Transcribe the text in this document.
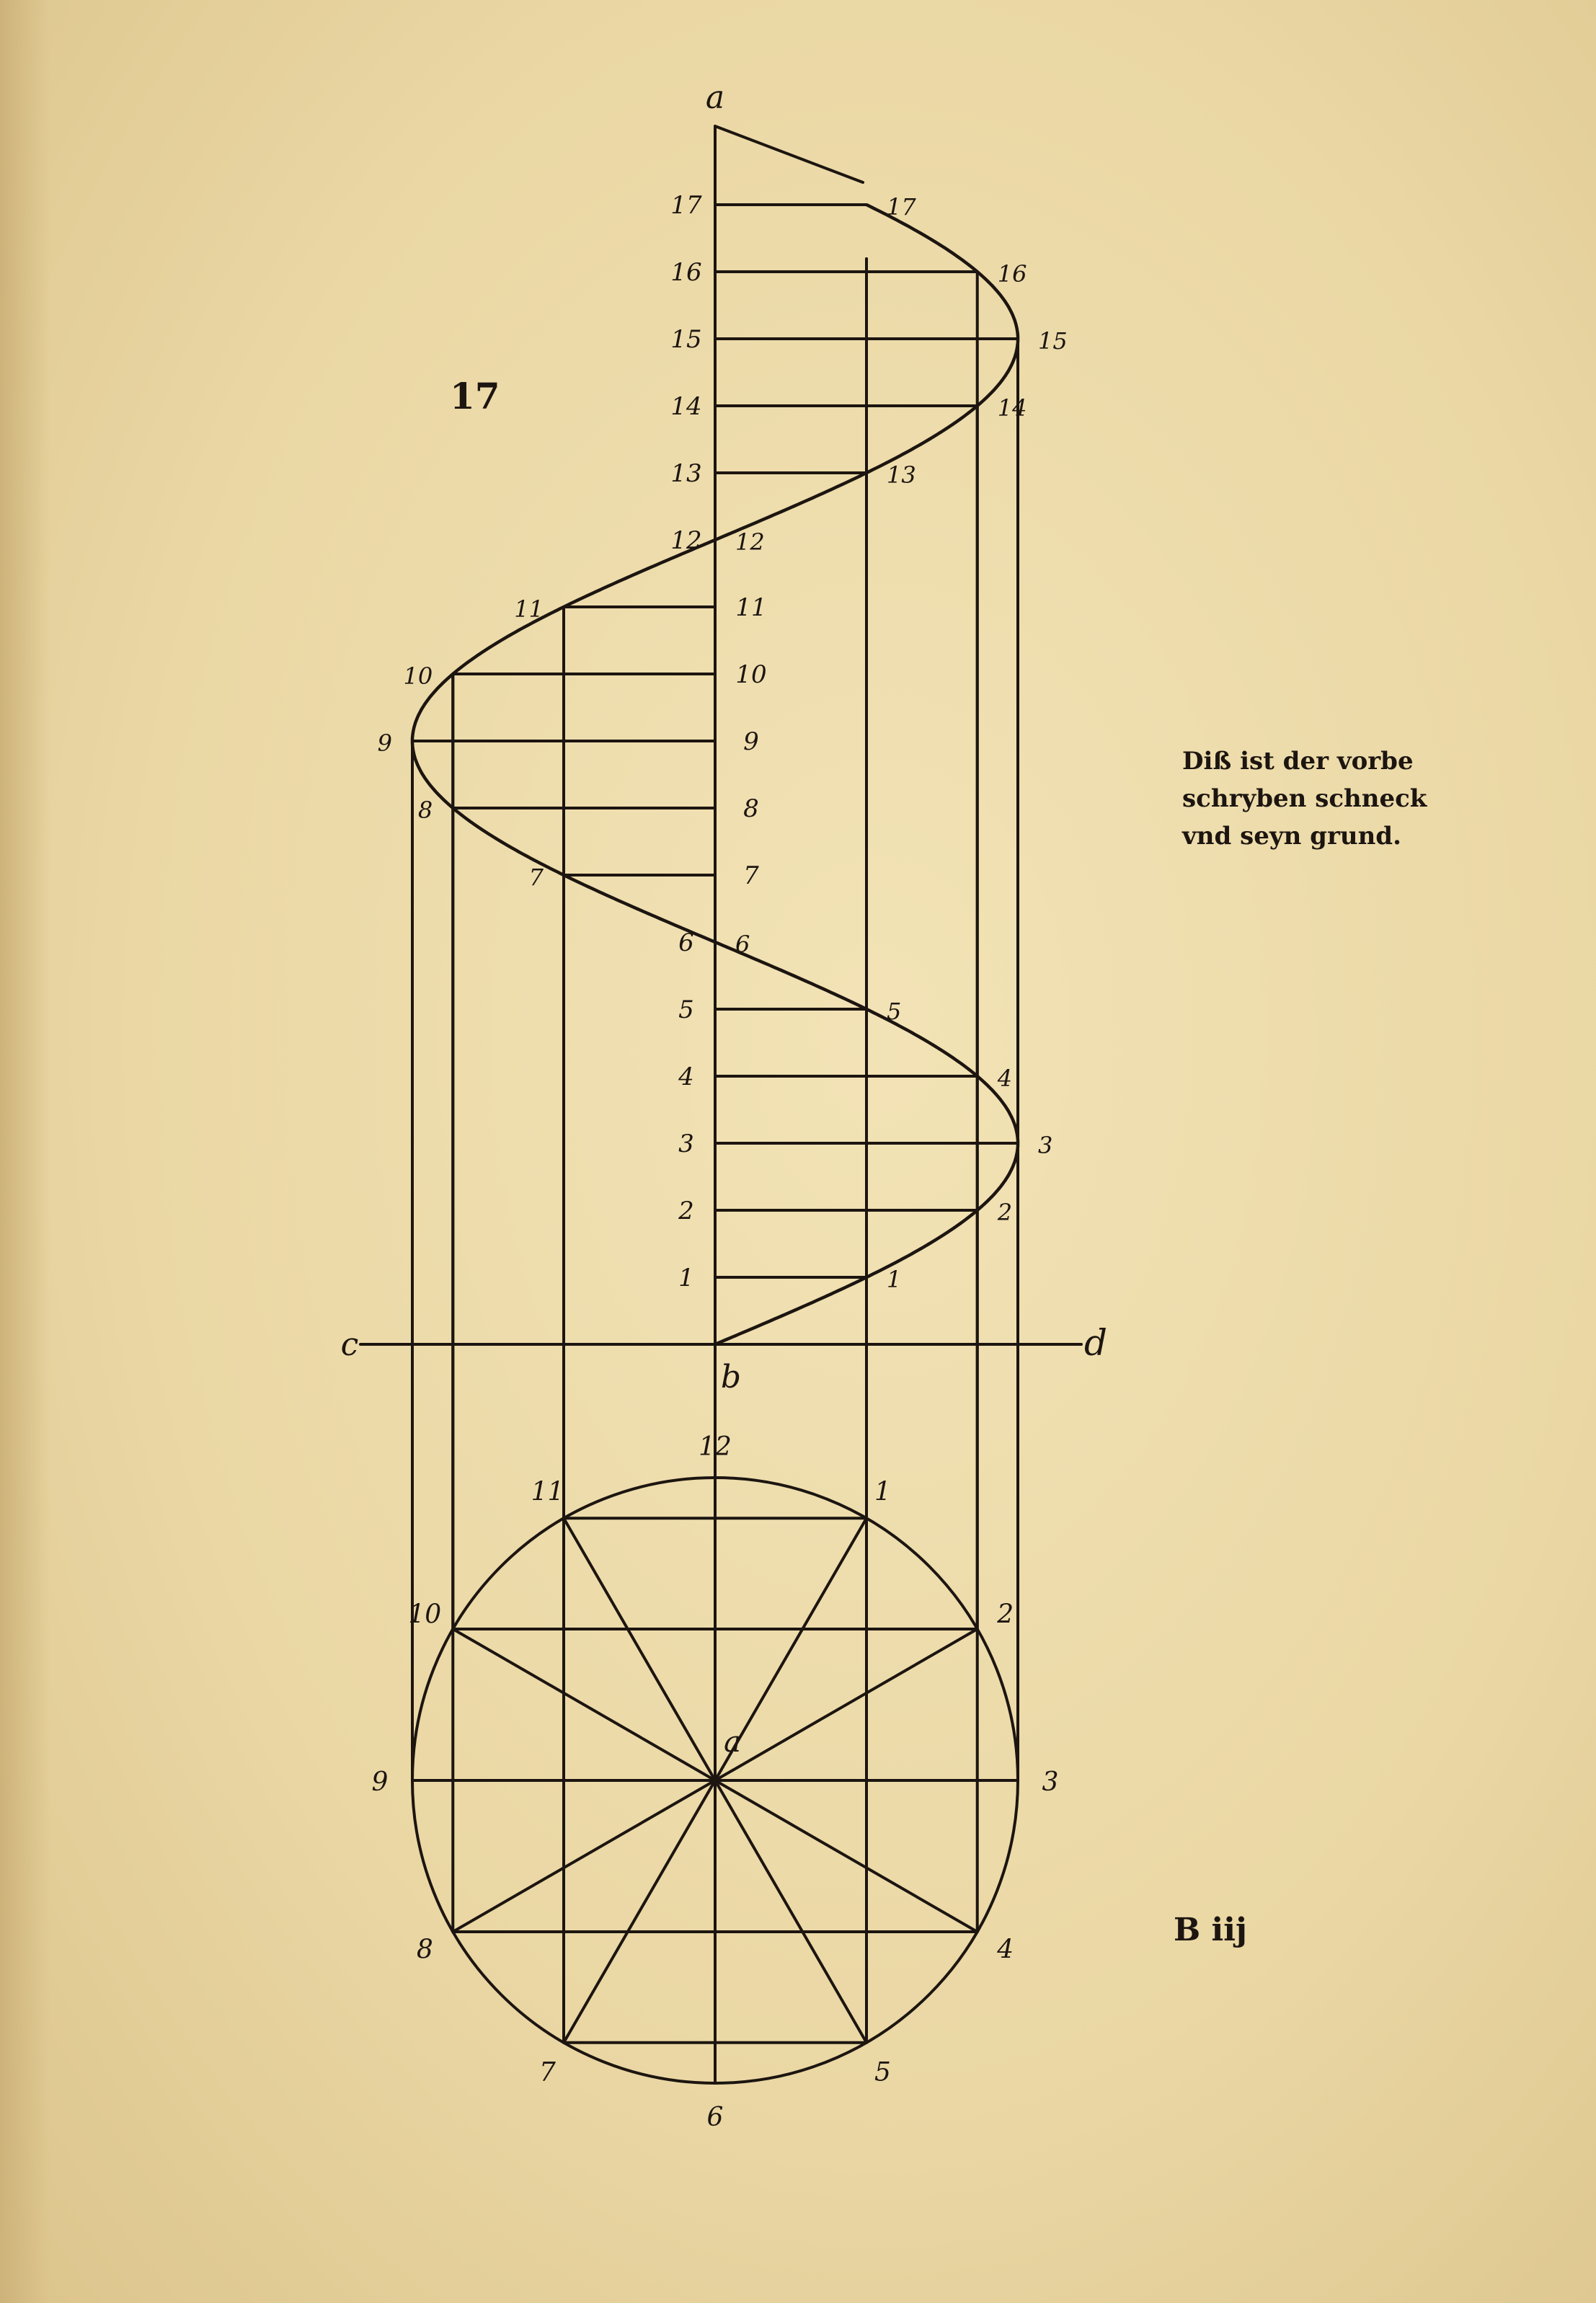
a
b
c	d
a
1
2
3
4
5
6
7
8
9
10
11
12
13
14
15
16
17
1
2
3
4
5
6
7
8
9
10
11
12
13
14
15
16
17
12
1
2
3
4
5
6
7
8
9
10
11
17
Diß ist der vorbe
schryben schneck
vnd seyn grund.
B iij
